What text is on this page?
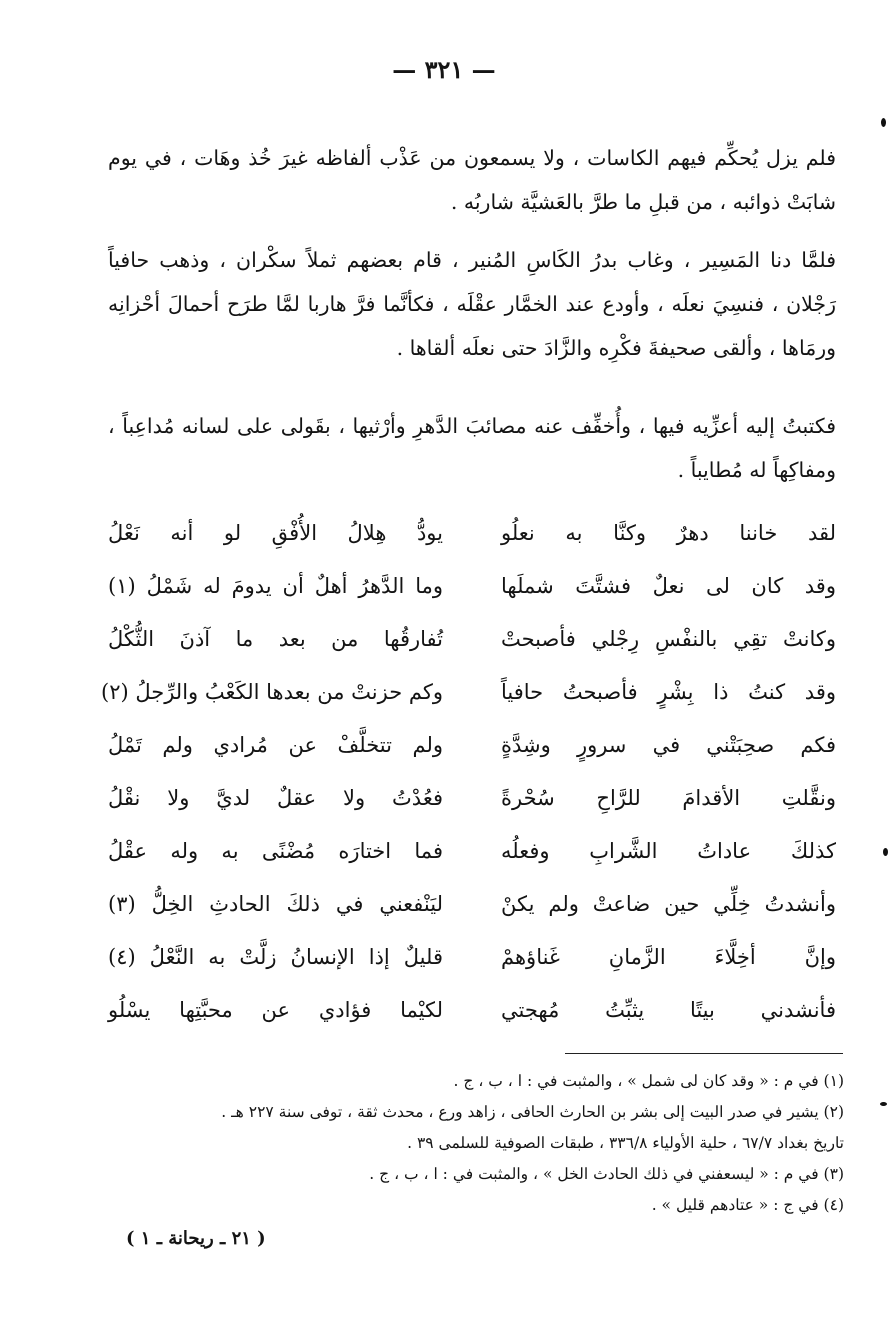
— ٣٢١ —
فلم يزل يُحكِّم فيهم الكاسات ، ولا يسمعون من عَذْب ألفاظه غيرَ خُذ وهَات ، في يوم شابَتْ ذوائبه ، من قبلِ ما طرَّ بالعَشيَّة شاربُه .
فلمَّا دنا المَسِير ، وغاب بدرُ الكَاسِ المُنير ، قام بعضهم ثملاً سكْران ، وذهب حافياً رَجْلان ، فنسِيَ نعلَه ، وأودع عند الخمَّار عقْلَه ، فكأنَّما فرَّ هاربا لمَّا طرَح أحمالَ أحْزانِه ورمَاها ، وألقى صحيفةَ فكْرِه والزَّادَ حتى نعلَه ألقاها .
فكتبتُ إليه أعزِّيه فيها ، وأُخفِّف عنه مصائبَ الدَّهرِ وأرْثيها ، بقَولى على لسانه مُداعِباً ، ومفاكِهاً له مُطايباً .
لقد خاننا دهرٌ وكنَّا به نعلُو
يودُّ هِلالُ الأُفْقِ لو أنه نَعْلُ
وقد كان لى نعلٌ فشتَّتَ شملَها
وما الدَّهرُ أهلٌ أن يدومَ له شَمْلُ (١)
وكانتْ تقِي بالنفْسِ رِجْلي فأصبحتْ
تُفارقُها من بعد ما آذنَ الثُّكْلُ
وقد كنتُ ذا بِشْرٍ فأصبحتُ حافياً
وكم حزنتْ من بعدها الكَعْبُ والرِّجلُ (٢)
فكم صحِبَتْني في سرورٍ وشِدَّةٍ
ولم تتخلَّفْ عن مُرادي ولم تَمْلُ
ونقَّلتِ الأقدامَ للرَّاحِ سُحْرةً
فعُدْتُ ولا عقلٌ لديَّ ولا نقْلُ
كذلكَ عاداتُ الشَّرابِ وفعلُه
فما اختارَه مُضْنًى به وله عقْلُ
وأنشدتُ خِلِّي حين ضاعتْ ولم يكنْ
ليَنْفعني في ذلكَ الحادثِ الخِلُّ (٣)
وإنَّ أخِلَّاءَ الزَّمانِ غَناؤهمْ
قليلٌ إذا الإنسانُ زلَّتْ به النَّعْلُ (٤)
فأنشدني بيتًا يثبِّتُ مُهجتي
لكيْما فؤادي عن محبَّتِها يسْلُو
(١) في م : « وقد كان لى شمل » ، والمثبت في : ا ، ب ، ج .
(٢) يشير في صدر البيت إلى بشر بن الحارث الحافى ، زاهد ورع ، محدث ثقة ، توفى سنة ٢٢٧ هـ .
تاريخ بغداد ٦٧/٧ ، حلية الأولياء ٣٣٦/٨ ، طبقات الصوفية للسلمى ٣٩ .
(٣) في م : « ليسعفني في ذلك الحادث الخل » ، والمثبت في : ا ، ب ، ج .
(٤) في ج : « عتادهم قليل » .
( ٢١ ـ ريحانة ـ ١ )
